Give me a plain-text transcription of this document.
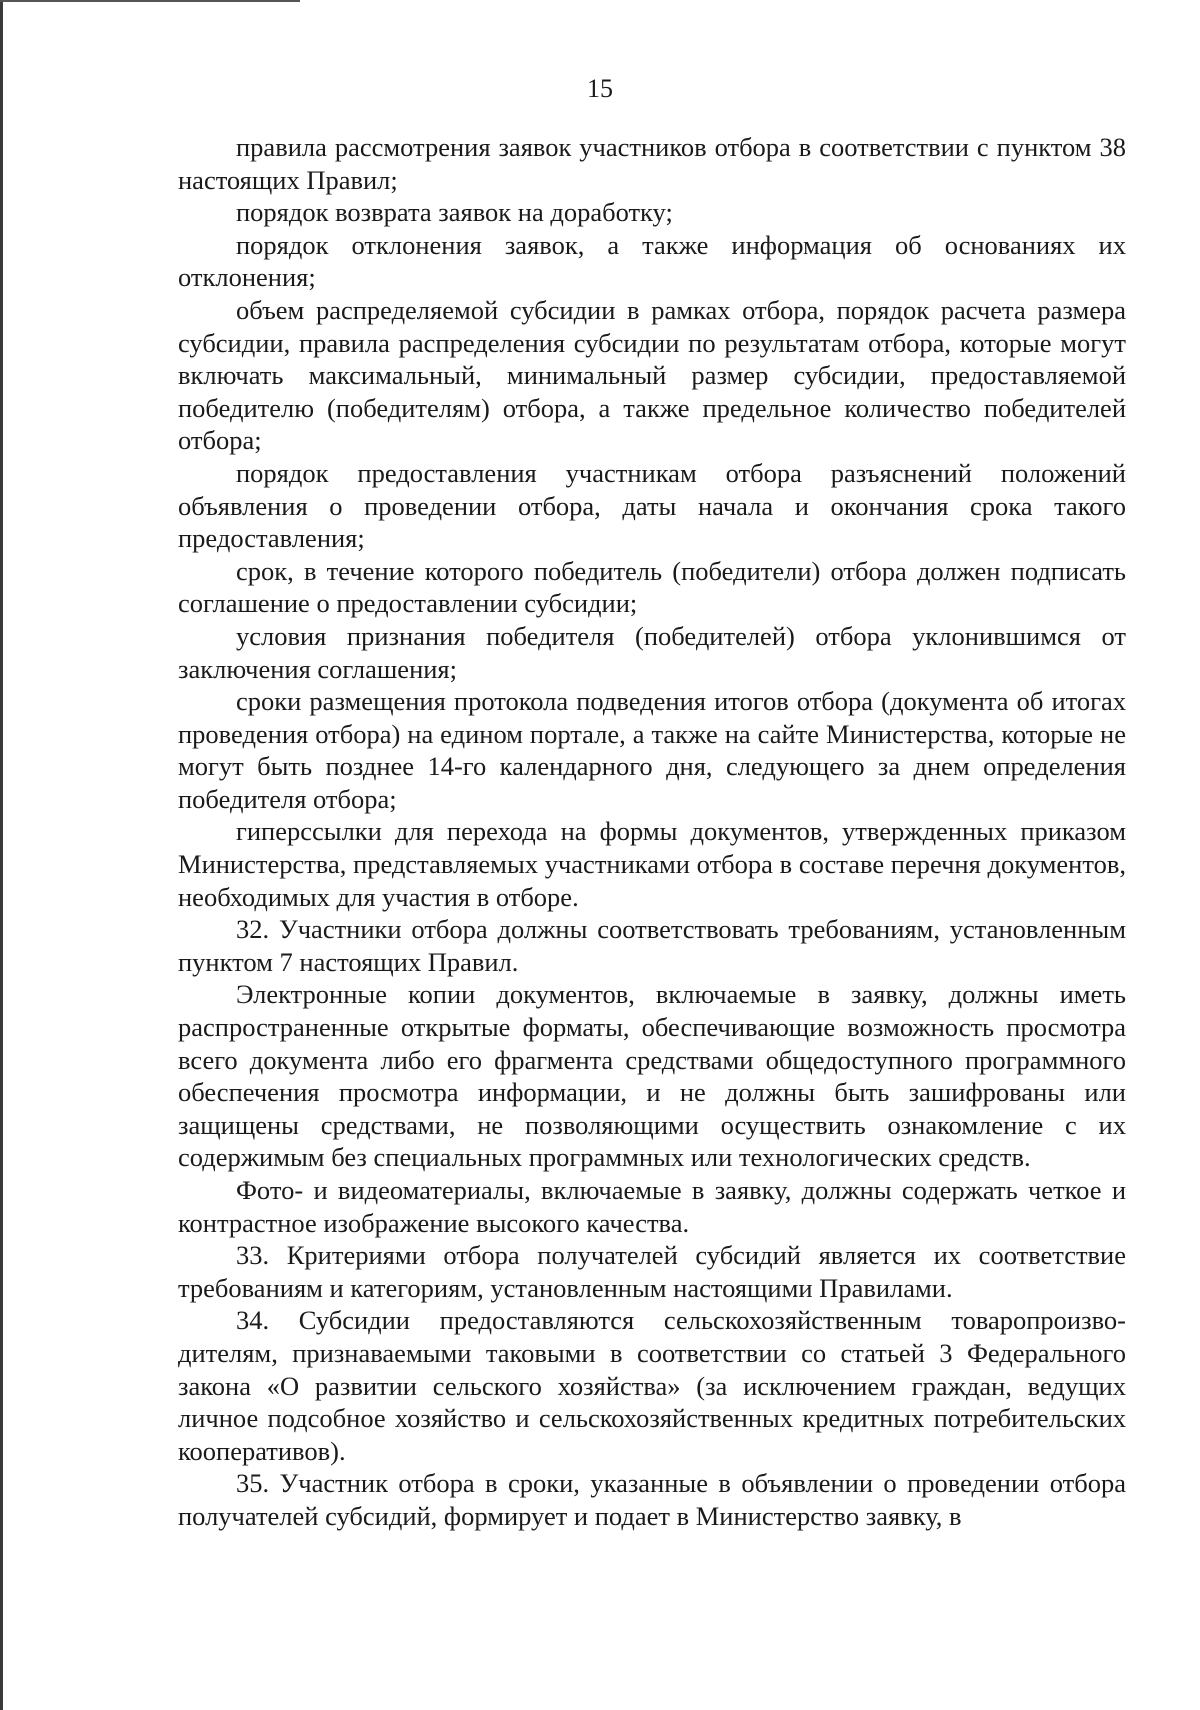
15

правила рассмотрения заявок участников отбора в соответствии с пунктом 38 настоящих Правил;

порядок возврата заявок на доработку;

порядок отклонения заявок, а также информация об основаниях их отклонения;

объем распределяемой субсидии в рамках отбора, порядок расчета размера субсидии, правила распределения субсидии по результатам отбора, которые могут включать максимальный, минимальный размер субсидии, предоставляемой победителю (победителям) отбора, а также предельное количество победителей отбора;

порядок предоставления участникам отбора разъяснений положений объявления о проведении отбора, даты начала и окончания срока такого предоставления;

срок, в течение которого победитель (победители) отбора должен подписать соглашение о предоставлении субсидии;

условия признания победителя (победителей) отбора уклонившимся от заключения соглашения;

сроки размещения протокола подведения итогов отбора (документа об итогах проведения отбора) на едином портале, а также на сайте Министерства, которые не могут быть позднее 14-го календарного дня, следующего за днем определения победителя отбора;

гиперссылки для перехода на формы документов, утвержденных приказом Министерства, представляемых участниками отбора в составе перечня документов, необходимых для участия в отборе.

32. Участники отбора должны соответствовать требованиям, установленным пунктом 7 настоящих Правил.

Электронные копии документов, включаемые в заявку, должны иметь распространенные открытые форматы, обеспечивающие возможность просмотра всего документа либо его фрагмента средствами общедоступного программного обеспечения просмотра информации, и не должны быть зашифрованы или защищены средствами, не позволяющими осуществить ознакомление с их содержимым без специальных программных или технологических средств.

Фото- и видеоматериалы, включаемые в заявку, должны содержать четкое и контрастное изображение высокого качества.

33. Критериями отбора получателей субсидий является их соответствие требованиям и категориям, установленным настоящими Правилами.

34. Субсидии предоставляются сельскохозяйственным товаропроизво-дителям, признаваемыми таковыми в соответствии со статьей 3 Федерального закона «О развитии сельского хозяйства» (за исключением граждан, ведущих личное подсобное хозяйство и сельскохозяйственных кредитных потребительских кооперативов).

35. Участник отбора в сроки, указанные в объявлении о проведении отбора получателей субсидий, формирует и подает в Министерство заявку, в
